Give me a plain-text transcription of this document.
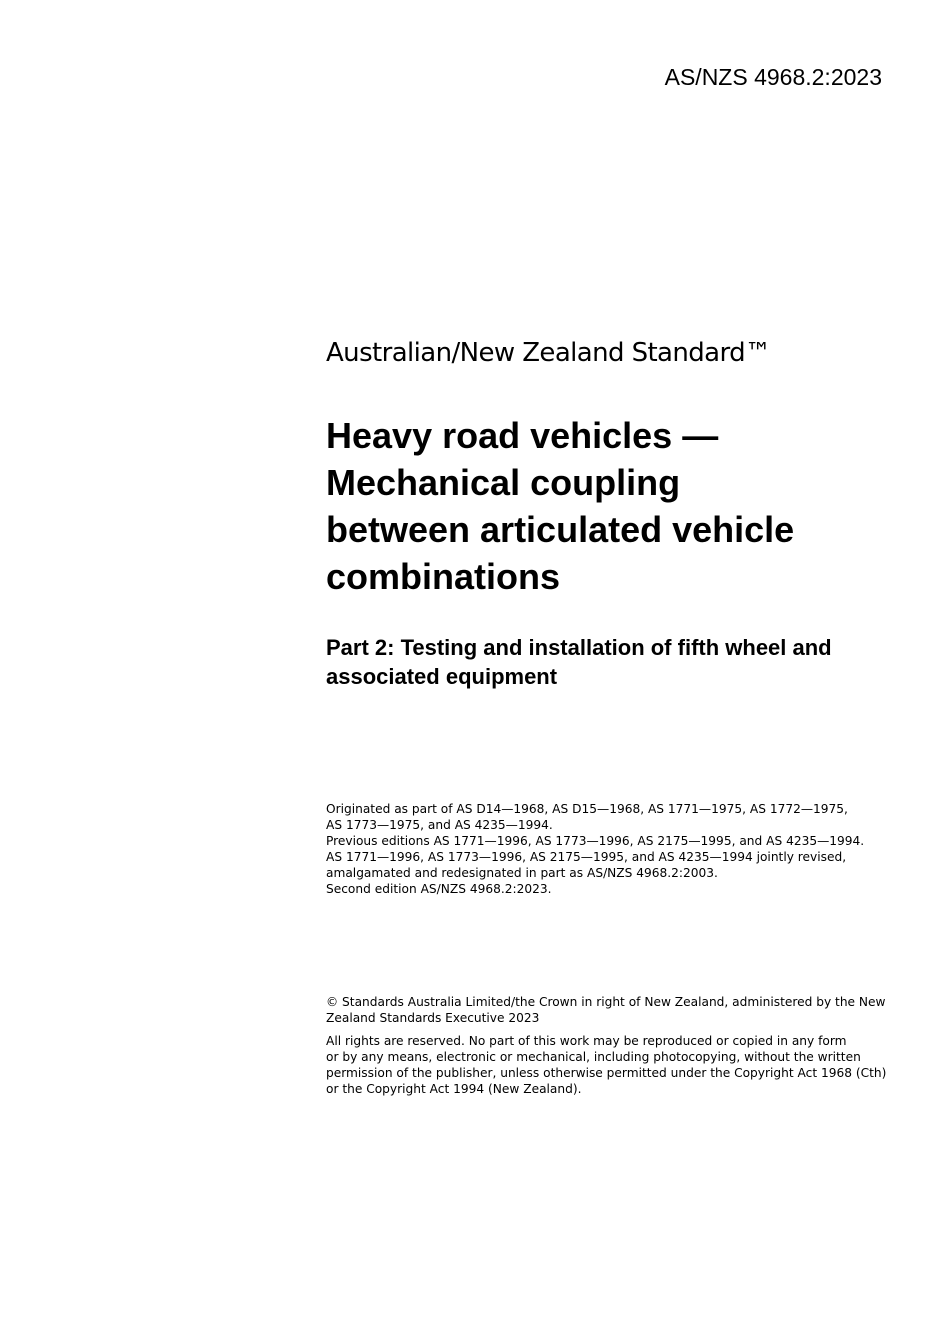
AS/NZS 4968.2:2023
Australian/New Zealand Standard™
Heavy road vehicles —
Mechanical coupling
between articulated vehicle
combinations
Part 2: Testing and installation of fifth wheel and
associated equipment
Originated as part of AS D14—1968, AS D15—1968, AS 1771—1975, AS 1772—1975,
AS 1773—1975, and AS 4235—1994.
Previous editions AS 1771—1996, AS 1773—1996, AS 2175—1995, and AS 4235—1994.
AS 1771—1996, AS 1773—1996, AS 2175—1995, and AS 4235—1994 jointly revised,
amalgamated and redesignated in part as AS/NZS 4968.2:2003.
Second edition AS/NZS 4968.2:2023.
© Standards Australia Limited/the Crown in right of New Zealand, administered by the New
Zealand Standards Executive 2023
All rights are reserved. No part of this work may be reproduced or copied in any form
or by any means, electronic or mechanical, including photocopying, without the written
permission of the publisher, unless otherwise permitted under the Copyright Act 1968 (Cth)
or the Copyright Act 1994 (New Zealand).
